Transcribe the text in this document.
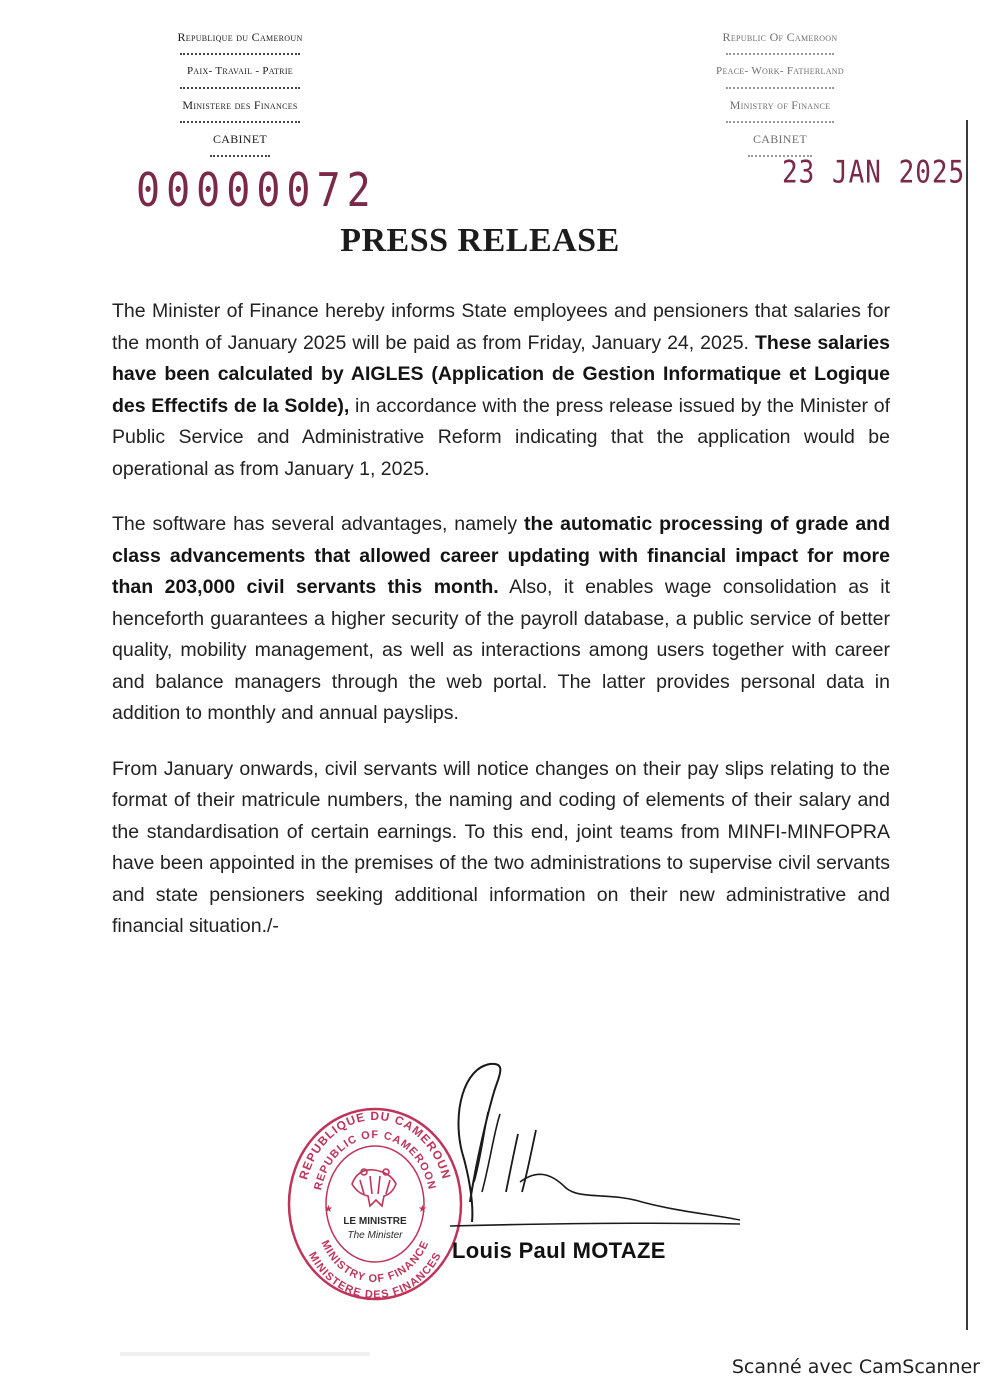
Republique du Cameroun
Paix- Travail - Patrie
Ministere des Finances
CABINET
Republic Of Cameroon
Peace- Work- Fatherland
Ministry of Finance
CABINET
00000072	23 JAN 2025
PRESS RELEASE

The Minister of Finance hereby informs State employees and pensioners that salaries for the month of January 2025 will be paid as from Friday, January 24, 2025. These salaries have been calculated by AIGLES (Application de Gestion Informatique et Logique des Effectifs de la Solde), in accordance with the press release issued by the Minister of Public Service and Administrative Reform indicating that the application would be operational as from January 1, 2025.

The software has several advantages, namely the automatic processing of grade and class advancements that allowed career updating with financial impact for more than 203,000 civil servants this month. Also, it enables wage consolidation as it henceforth guarantees a higher security of the payroll database, a public service of better quality, mobility management, as well as interactions among users together with career and balance managers through the web portal. The latter provides personal data in addition to monthly and annual payslips.

From January onwards, civil servants will notice changes on their pay slips relating to the format of their matricule numbers, the naming and coding of elements of their salary and the standardisation of certain earnings. To this end, joint teams from MINFI-MINFOPRA have been appointed in the premises of the two administrations to supervise civil servants and state pensioners seeking additional information on their new administrative and financial situation./-

REPUBLIQUE DU CAMEROUN
REPUBLIC OF CAMEROON
MINISTRY OF FINANCE
MINISTERE DES FINANCES
★	★
LE MINISTRE
The Minister
Louis Paul MOTAZE
Scanné avec CamScanner
